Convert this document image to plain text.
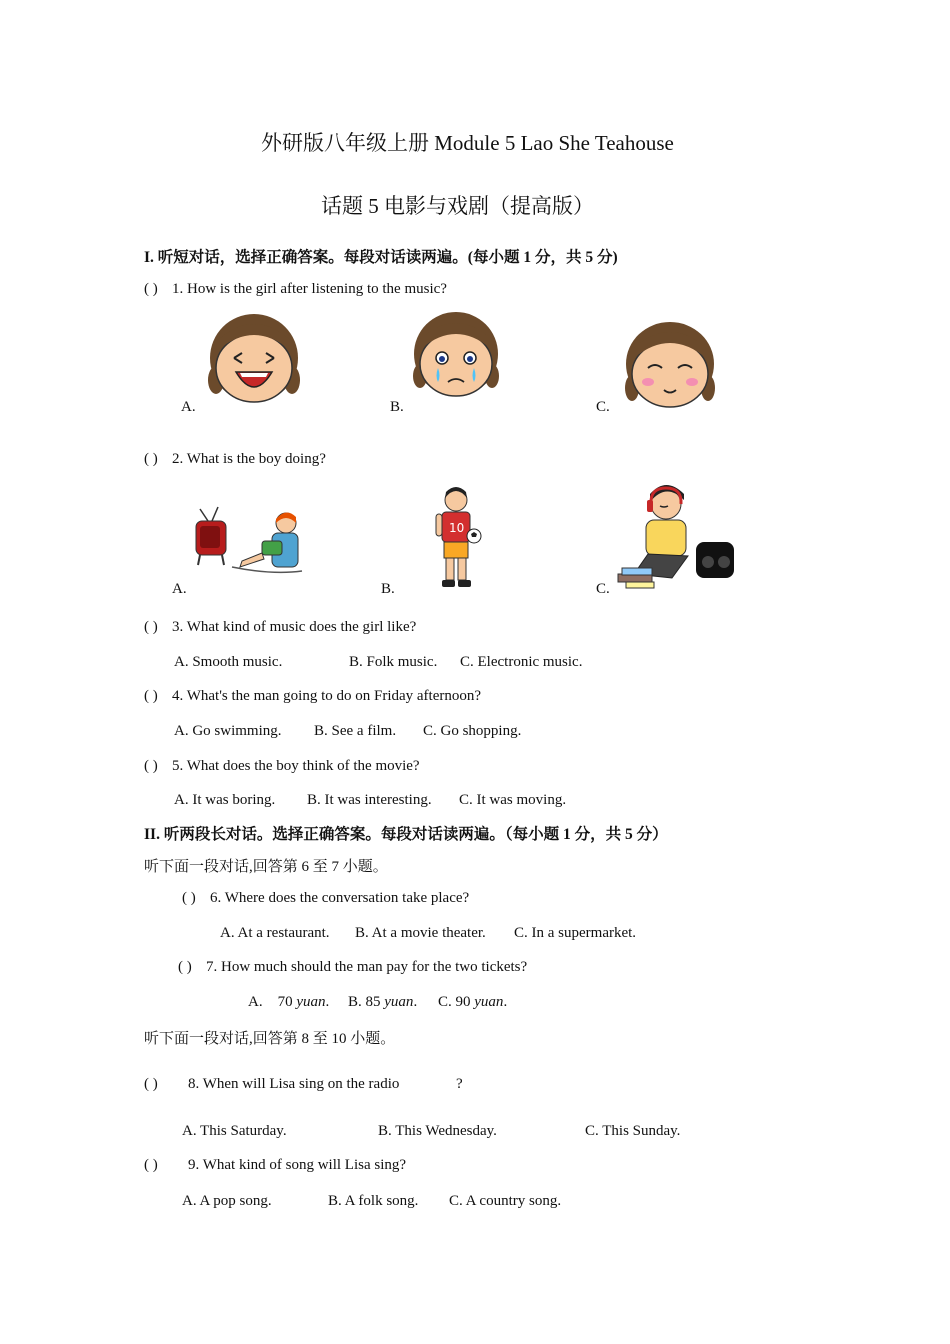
外研版八年级上册 Module 5 Lao She Teahouse
话题 5 电影与戏剧（提高版）
I. 听短对话，选择正确答案。每段对话读两遍。(每小题 1 分，共 5 分)
( ) 1. How is the girl after listening to the music?
A.	B.	C.
( ) 2. What is the boy doing?
A.
10
B.	C.
( ) 3. What kind of music does the girl like?
A. Smooth music.	B. Folk music. C. Electronic music.
( ) 4. What's the man going to do on Friday afternoon?
A. Go swimming. B. See a film. C. Go shopping.
( ) 5. What does the boy think of the movie?
A. It was boring. B. It was interesting. C. It was moving.
II. 听两段长对话。选择正确答案。每段对话读两遍。（每小题 1 分，共 5 分）
听下面一段对话,回答第 6 至 7 小题。
( ) 6. Where does the conversation take place?
A. At a restaurant. B. At a movie theater. C. In a supermarket.
( ) 7. How much should the man pay for the two tickets?
A.    70 yuan. B. 85 yuan. C. 90 yuan.
听下面一段对话,回答第 8 至 10 小题。
( ) 8. When will Lisa sing on the radio	?
A. This Saturday.	B. This Wednesday.	C. This Sunday.
( ) 9. What kind of song will Lisa sing?
A. A pop song.	B. A folk song. C. A country song.
